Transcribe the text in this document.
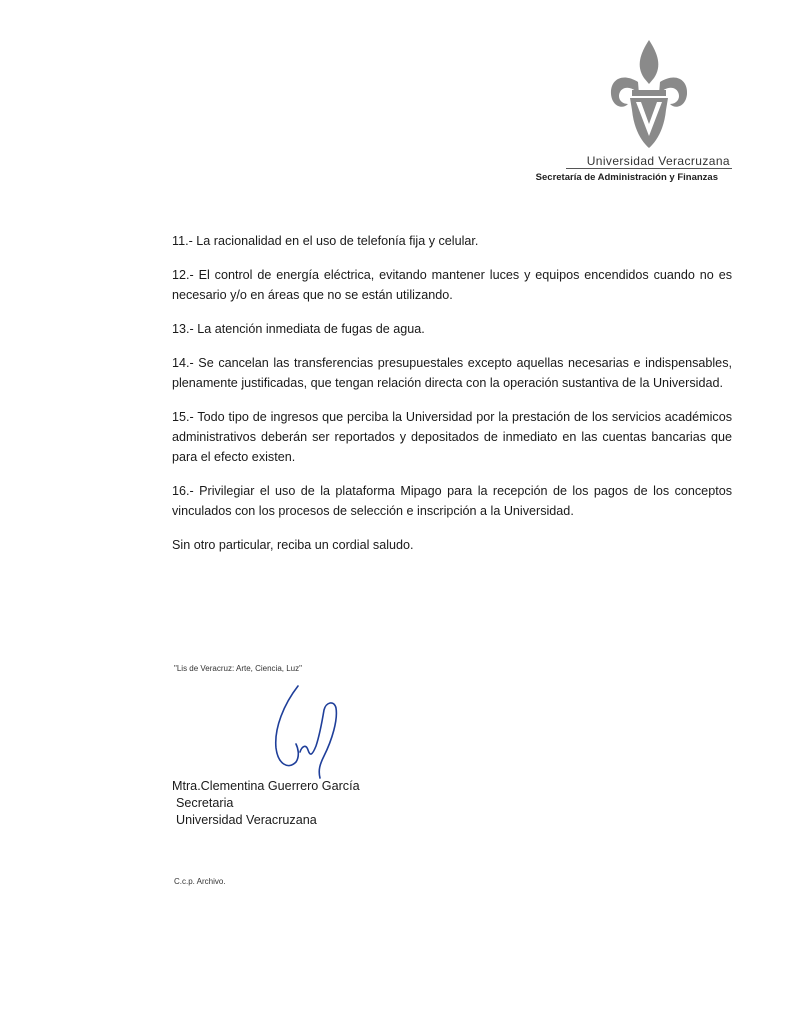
Universidad Veracruzana
Secretaría de Administración y Finanzas

11.- La racionalidad en el uso de telefonía fija y celular.

12.- El control de energía eléctrica, evitando mantener luces y equipos encendidos cuando no es necesario y/o en áreas que no se están utilizando.

13.- La atención inmediata de fugas de agua.

14.- Se cancelan las transferencias presupuestales excepto aquellas necesarias e indispensables, plenamente justificadas, que tengan relación directa con la operación sustantiva de la Universidad.

15.- Todo tipo de ingresos que perciba la Universidad por la prestación de los servicios académicos administrativos deberán ser reportados y depositados de inmediato en las cuentas bancarias que para el efecto existen.

16.- Privilegiar el uso de la plataforma Mipago para la recepción de los pagos de los conceptos vinculados con los procesos de selección e inscripción a la Universidad.

Sin otro particular, reciba un cordial saludo.

"Lis de Veracruz: Arte, Ciencia, Luz"
Mtra.Clementina Guerrero García
Secretaria
Universidad Veracruzana
C.c.p. Archivo.
